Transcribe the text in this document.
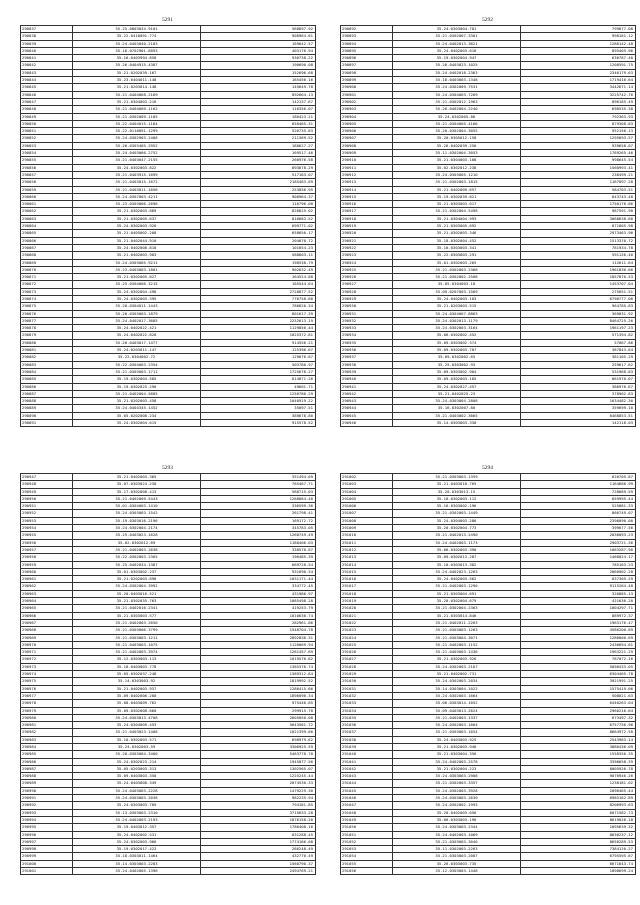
5291
290837	35.25.0803034.9101	568897.92
290838	35.22.0418091.774	908964.61
290839	35.24.0403040.2183	189642.57
290840	35.16.0702901.6893	403176.94
290841	35.16.0403994.858	936738.22
290842	35.26.0404915.4387	190690.08
290843	35.21.0202039.167	152696.68
290844	35.23.0404011.148	165456.16
290845	35.21.0203014.148	145649.78
290846	35.21.0404068.2169	892664.13
290847	35.21.0304003.216	142137.67
290848	35.21.0404009.1162	116356.07
290849	35.21.0302009.1185	180423.21
290850	35.22.0404015.1184	658465.31
290851	35.22.0118091.1299	526735.83
290852	35.24.0302903.2408	211369.52
290853	35.26.0303405.2952	180627.27
290854	35.24.0403066.2752	169517.46
290855	35.21.0403047.2155	266976.58
290856	35.24.0302003.822	893678.29
290857	35.21.0403915.1699	517183.07
290858	35.21.0403015.1672	2185463.69
290859	35.21.0403011.1656	253856.95
290860	35.24.0307003.4211	908964.37
290861	35.23.0303006.2696	116796.08
290862	35.21.0302003.889	828825.02
290863	35.21.0302005.637	816683.52
290864	35.24.0302003.926	699771.02
290865	35.21.0405002.208	658650.17
290866	35.21.0402044.910	204670.72
290867	35.24.0402008.818	101654.23
290868	35.21.0402003.903	588603.11
290869	35.24.0303005.9211	198538.79
290870	35.23.0403003.1801	902632.49
290871	35.21.0302005.827	164524.88
290872	35.25.0304006.3215	185544.64
290873	35.24.0302004.498	2728877.52
290874	35.24.0302003.395	776758.68
290875	35.20.0304011.1443	786820.34
290876	35.20.0303003.1879	801617.39
290877	35.24.0402017.3605	2252613.19
290878	35.24.0402022.421	1129856.44
290879	35.24.0402022.828	1025372.81
290880	35.20.0403017.1477	914556.21
290881	35.24.0203011.147	125396.67
290882	35.22.0304002.72	129676.87
290883	35.22.0304003.2354	503780.97
290884	35.21.0303003.1711	1725676.27
290885	35.19.0302004.585	614871.26
290886	35.19.0302025.290	49601.71
290887	35.21.0402004.5685	1256786.29
290888	35.21.0202003.458	1040919.22
290889	35.24.0404345.1452	35097.51
290890	35.05.0202008.234	389678.80
290891	35.24.0302004.615	915578.52
5292
290892	35.24.0303004.781	799877.08
290893	35.21.0302007.3301	998181.12
290894	35.24.0402013.3621	1286142.48
290895	35.24.0402003.616	895405.96
290896	35.19.0302004.947	636787.40
290897	35.26.0403023.1025	1208591.75
290898	35.24.0402018.2363	2346179.63
290899	35.18.0403003.1348	1719416.64
290900	35.24.0302009.7531	3442671.14
290901	35.24.0304003.7269	3225742.76
290902	35.21.0302012.1963	896185.49
290903	35.20.0402004.2240	698535.38
290904	35.24.0302005.86	792363.93
290905	35.21.0304005.4166	879308.83
290906	35.20.0302004.3055	952156.13
290907	35.20.0305012.158	1295693.57
290908	35.26.0402039.256	939658.07
290909	35.11.0302004.3053	1789265.46
290910	35.21.0304003.108	998645.54
290911	35.02.0302012.238	1560993.41
290912	35.24.0303005.1210	238499.21
290913	35.21.0302003.1815	1167097.28
290914	35.21.0402009.657	584703.51
290915	35.19.0302039.821	843743.48
290916	35.21.0303003.617	1750176.86
290917	35.21.0302004.5498	987591.98
290918	35.21.0304004.993	3068638.68
290919	35.21.0303005.692	871805.98
290920	35.21.0302003.346	2973463.96
290921	35.18.0302004.452	1513370.72
290922	35.16.0303003.341	781934.78
290923	35.22.0303003.291	591126.40
290924	35.01.0302003.265	112611.64
290925	35.21.0302003.2366	1961830.66
290926	35.21.0302002.2508	1857870.53
290927	35.05.0304003.18	1453707.04
290928	35.09.0207003.1569	275651.51
290929	35.24.0402003.103	6798777.08
290930	35.21.0203003.515	964785.83
290931	35.24.0304007.8863	369031.92
290932	35.24.0302013.1179	8464725.26
290933	35.24.0302003.3164	1961197.23
290934	35.06.0302002.452	571394.82
290935	35.09.0303002.374	57067.86
290936	35.09.0302003.707	387843.64
290937	35.09.0302002.65	381105.29
290938	35.25.0303002.93	259617.62
290939	35.09.0303002.904	531968.83
290940	35.09.0302003.185	861970.07
290941	35.24.0302027.457	386976.67
290942	35.21.0402025.23	378902.83
290943	35.24.0303004.2808	1634482.30
290944	35.16.0302007.80	359699.10
290945	35.21.0403002.3665	8468853.51
290946	35.14.0303003.330	142118.03
5293
290947	35.21.0402003.365	351494.09
290948	35.07.0303024.230	765467.71
290949	35.17.0302008.413	568715.03
290950	35.21.0402009.5443	1268084.48
290951	35.01.0304003.1410	336599.36
290952	35.24.0303003.1542	261798.41
290953	35.19.0303016.2196	169172.72
290954	35.24.0302004.2174	345783.05
290955	35.25.0403023.1628	1260749.49
290956	35.02.0302012.69	1188406.03
290957	35.21.0402003.2638	338570.87
290958	35.22.0302003.2365	196485.39
290959	35.25.0402034.1387	669728.54
290960	35.01.0303002.237	931690.34
290961	35.21.0202003.898	1031171.44
290962	35.24.0302004.3992	334772.45
290963	35.20.0403016.521	431986.97
290964	35.21.0302035.763	1085498.28
290965	35.21.0402016.2341	419253.79
290966	35.21.0303003.577	1010636.74
290967	35.21.0402003.2650	282961.86
290968	35.21.0303006.3799	1548704.78
290969	35.21.0303003.1211	2892836.31
290970	35.21.0403003.1075	1126069.94
290971	35.21.0402003.3974	1261457.69
290972	35.12.0303003.113	1019576.82
290973	35.18.0403003.778	1385376.74
290974	35.05.0302037.248	1389312.84
290975	35.14.0303003.92	1819992.52
290976	35.21.0402003.937	1286415.66
290977	35.09.0402006.200	1896096.34
290978	35.08.0403009.762	975446.85
290979	35.09.0302008.660	299915.78
290980	35.24.0303013.4708	2605850.08
290981	35.24.0304009.453	5643561.72
290982	35.21.0403023.1408	1021399.66
290983	35.10.0302003.571	698979.62
290984	35.24.0302003.59	3306925.59
290985	35.20.0303004.3400	5463778.70
290986	35.24.0302023.214	1945877.56
290987	35.05.0203003.313	1302565.07
290988	35.09.0403003.358	1225245.44
290989	35.24.0403008.349	2074530.33
290990	35.24.0403003.2228	1479229.30
290991	35.24.0303003.2038	982235.94
290992	35.24.0303003.789	794181.85
290993	35.13.0303003.2310	3715633.28
290994	35.24.0402003.2193	1876158.20
290995	35.19.0403012.357	1786408.16
290996	35.24.0402002.531	631288.45
290997	35.24.0302003.966	1774166.08
290998	35.19.0302017.423	286248.49
290999	35.18.0303011.1464	432770.49
291000	35.14.0303003.2283	1560790.37
291001	35.24.0402005.1396	2494769.21
5294
291002	35.21.0303003.1359	626705.87
291003	35.21.0403018.765	1164686.99
291004	35.20.0303013.15	728689.59
291005	35.18.0302003.112	659995.44
291006	35.16.0303002.196	525881.33
291007	35.21.0302003.1449	866749.07
291008	35.24.0304003.286	2396090.00
291009	35.20.0302004.773	399677.56
291010	35.21.0402013.2490	2036093.23
291011	35.24.0402003.1173	2903721.36
291012	35.06.0302003.390	1063287.90
291013	35.09.0302013.287	1460024.17
291014	35.10.0303013.382	785163.23
291015	35.24.0402023.1263	2060902.28
291016	35.24.0402003.562	637305.29
291017	35.21.0402003.1290	9115264.48
291018	35.21.0303004.691	320885.13
291019	35.20.0302004.679	421636.20
291020	35.21.0302004.2363	1004297.71
291021	35.21.0303014.846	889972.37
291022	35.21.0402011.2263	1963176.47
291023	35.21.0303003.1263	4586200.89
291024	35.21.0303004.3071	1286000.69
291025	35.21.0402003.1152	2436694.61
291026	35.21.0403003.1436	1963221.29
291027	35.21.0302003.926	787072.16
291028	35.24.0302003.2167	5098433.05
291029	35.21.0402002.731	6304465.78
291030	35.24.0302003.2034	3921991.25
291031	35.14.0303004.1022	1575419.06
291032	35.24.0302003.1664	508021.63
291033	35.06.0303014.1052	6440263.04
291034	35.09.0403013.2624	2960216.64
291035	35.21.0402003.1337	673497.32
291036	35.24.0302003.1664	6757756.96
291037	35.21.0303003.1654	8664972.58
291038	35.24.0403003.925	2543963.14
291039	35.21.0302003.946	3886436.09
291040	35.21.0303004.356	1558356.35
291041	35.24.0402003.2578	3396658.39
291042	35.21.0302004.223	8005926.78
291043	35.24.0303003.2908	9076946.26
291044	35.21.0302003.3357	1238181.02
291045	35.24.0302003.3928	2096465.44
291046	35.24.0303003.2630	6985162.89
291047	35.24.0302002.1993	8206993.63
291048	35.20.0402003.656	6071582.73
291049	35.06.0303003.196	8619026.18
291050	35.24.0303003.2344	1095639.32
291051	35.24.0402003.1069	8636237.12
291052	35.21.0303003.3040	8656289.53
291053	35.11.0302003.2263	7384120.27
291054	35.21.0303003.2087	6795595.67
291055	35.26.0303003.735	6671643.74
291056	35.12.0303003.1448	1898699.24
